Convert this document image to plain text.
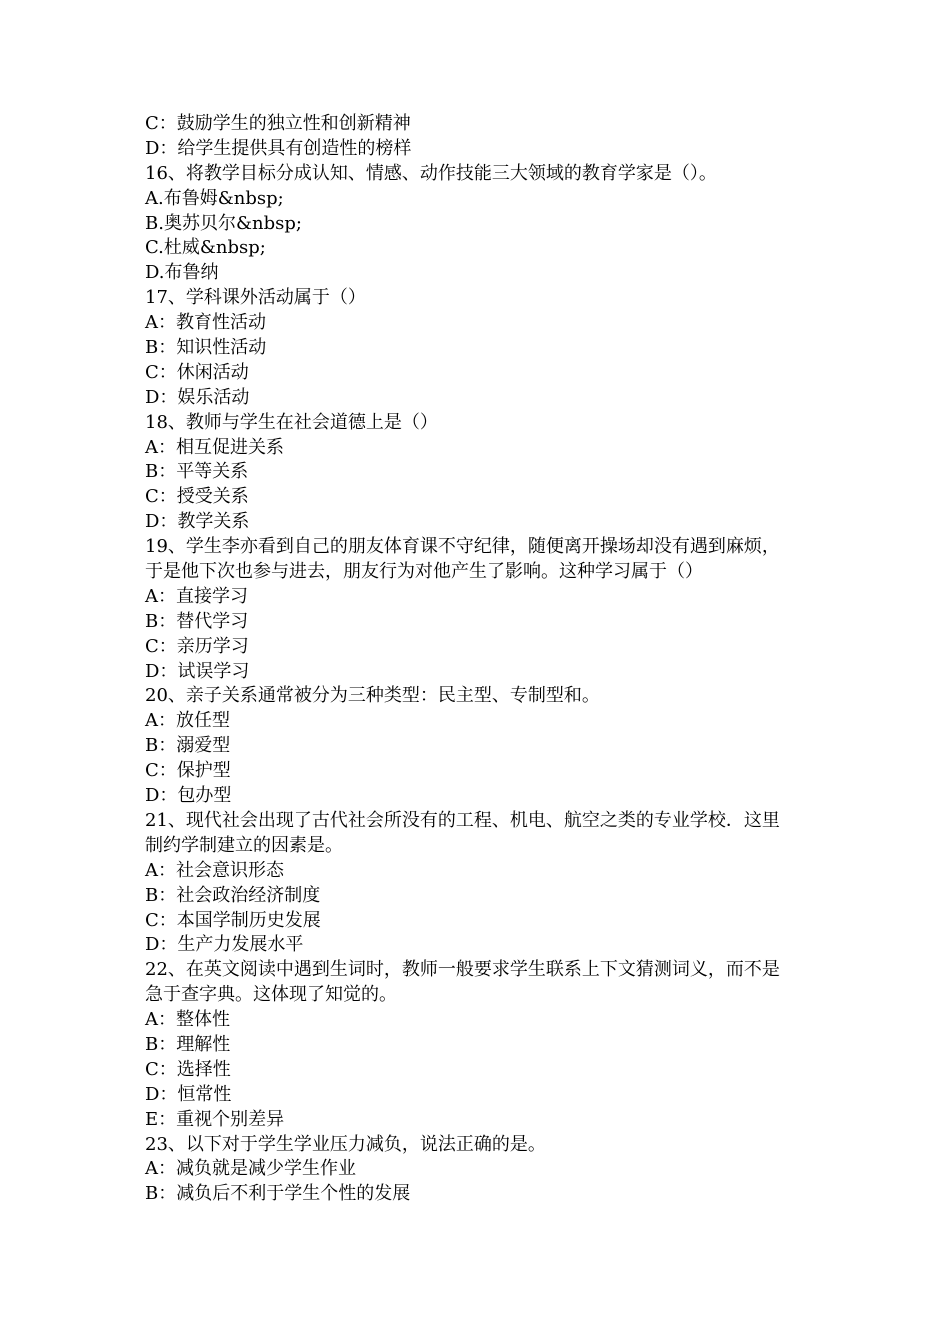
C：鼓励学生的独立性和创新精神
D：给学生提供具有创造性的榜样
16、将教学目标分成认知、情感、动作技能三大领域的教育学家是（）。
A.布鲁姆&nbsp;
B.奥苏贝尔&nbsp;
C.杜威&nbsp;
D.布鲁纳
17、学科课外活动属于（）
A：教育性活动
B：知识性活动
C：休闲活动
D：娱乐活动
18、教师与学生在社会道德上是（）
A：相互促进关系
B：平等关系
C：授受关系
D：教学关系
19、学生李亦看到自己的朋友体育课不守纪律，随便离开操场却没有遇到麻烦，
于是他下次也参与进去，朋友行为对他产生了影响。这种学习属于（）
A：直接学习
B：替代学习
C：亲历学习
D：试误学习
20、亲子关系通常被分为三种类型：民主型、专制型和。
A：放任型
B：溺爱型
C：保护型
D：包办型
21、现代社会出现了古代社会所没有的工程、机电、航空之类的专业学校．这里
制约学制建立的因素是。
A：社会意识形态
B：社会政治经济制度
C：本国学制历史发展
D：生产力发展水平
22、在英文阅读中遇到生词时，教师一般要求学生联系上下文猜测词义，而不是
急于查字典。这体现了知觉的。
A：整体性
B：理解性
C：选择性
D：恒常性
E：重视个别差异
23、以下对于学生学业压力减负，说法正确的是。
A：减负就是减少学生作业
B：减负后不利于学生个性的发展
